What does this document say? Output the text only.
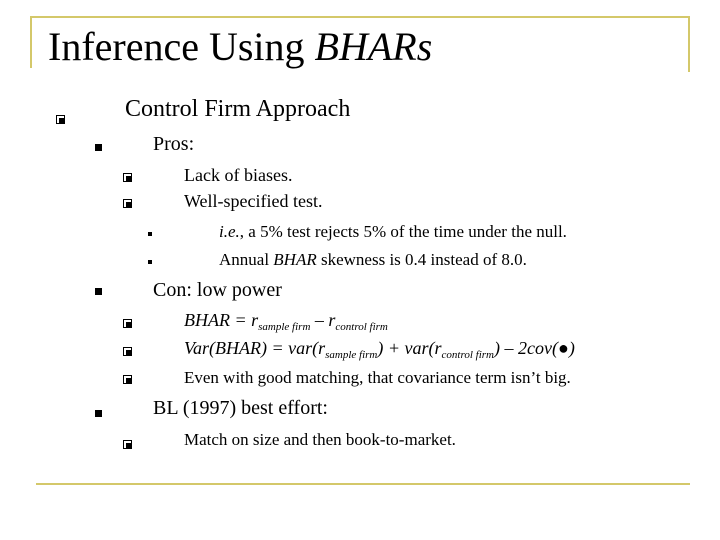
Inference Using BHARs
Control Firm Approach
Pros:
Lack of biases.
Well-specified test.
i.e., a 5% test rejects 5% of the time under the null.
Annual BHAR skewness is 0.4 instead of 8.0.
Con: low power
BHAR = $r_{sample firm} - r_{control firm}$
Var(BHAR) = $var(r_{sample firm}) + var(r_{control firm})$ – 2cov(●)
Even with good matching, that covariance term isn’t big.
BL (1997) best effort:
Match on size and then book-to-market.
